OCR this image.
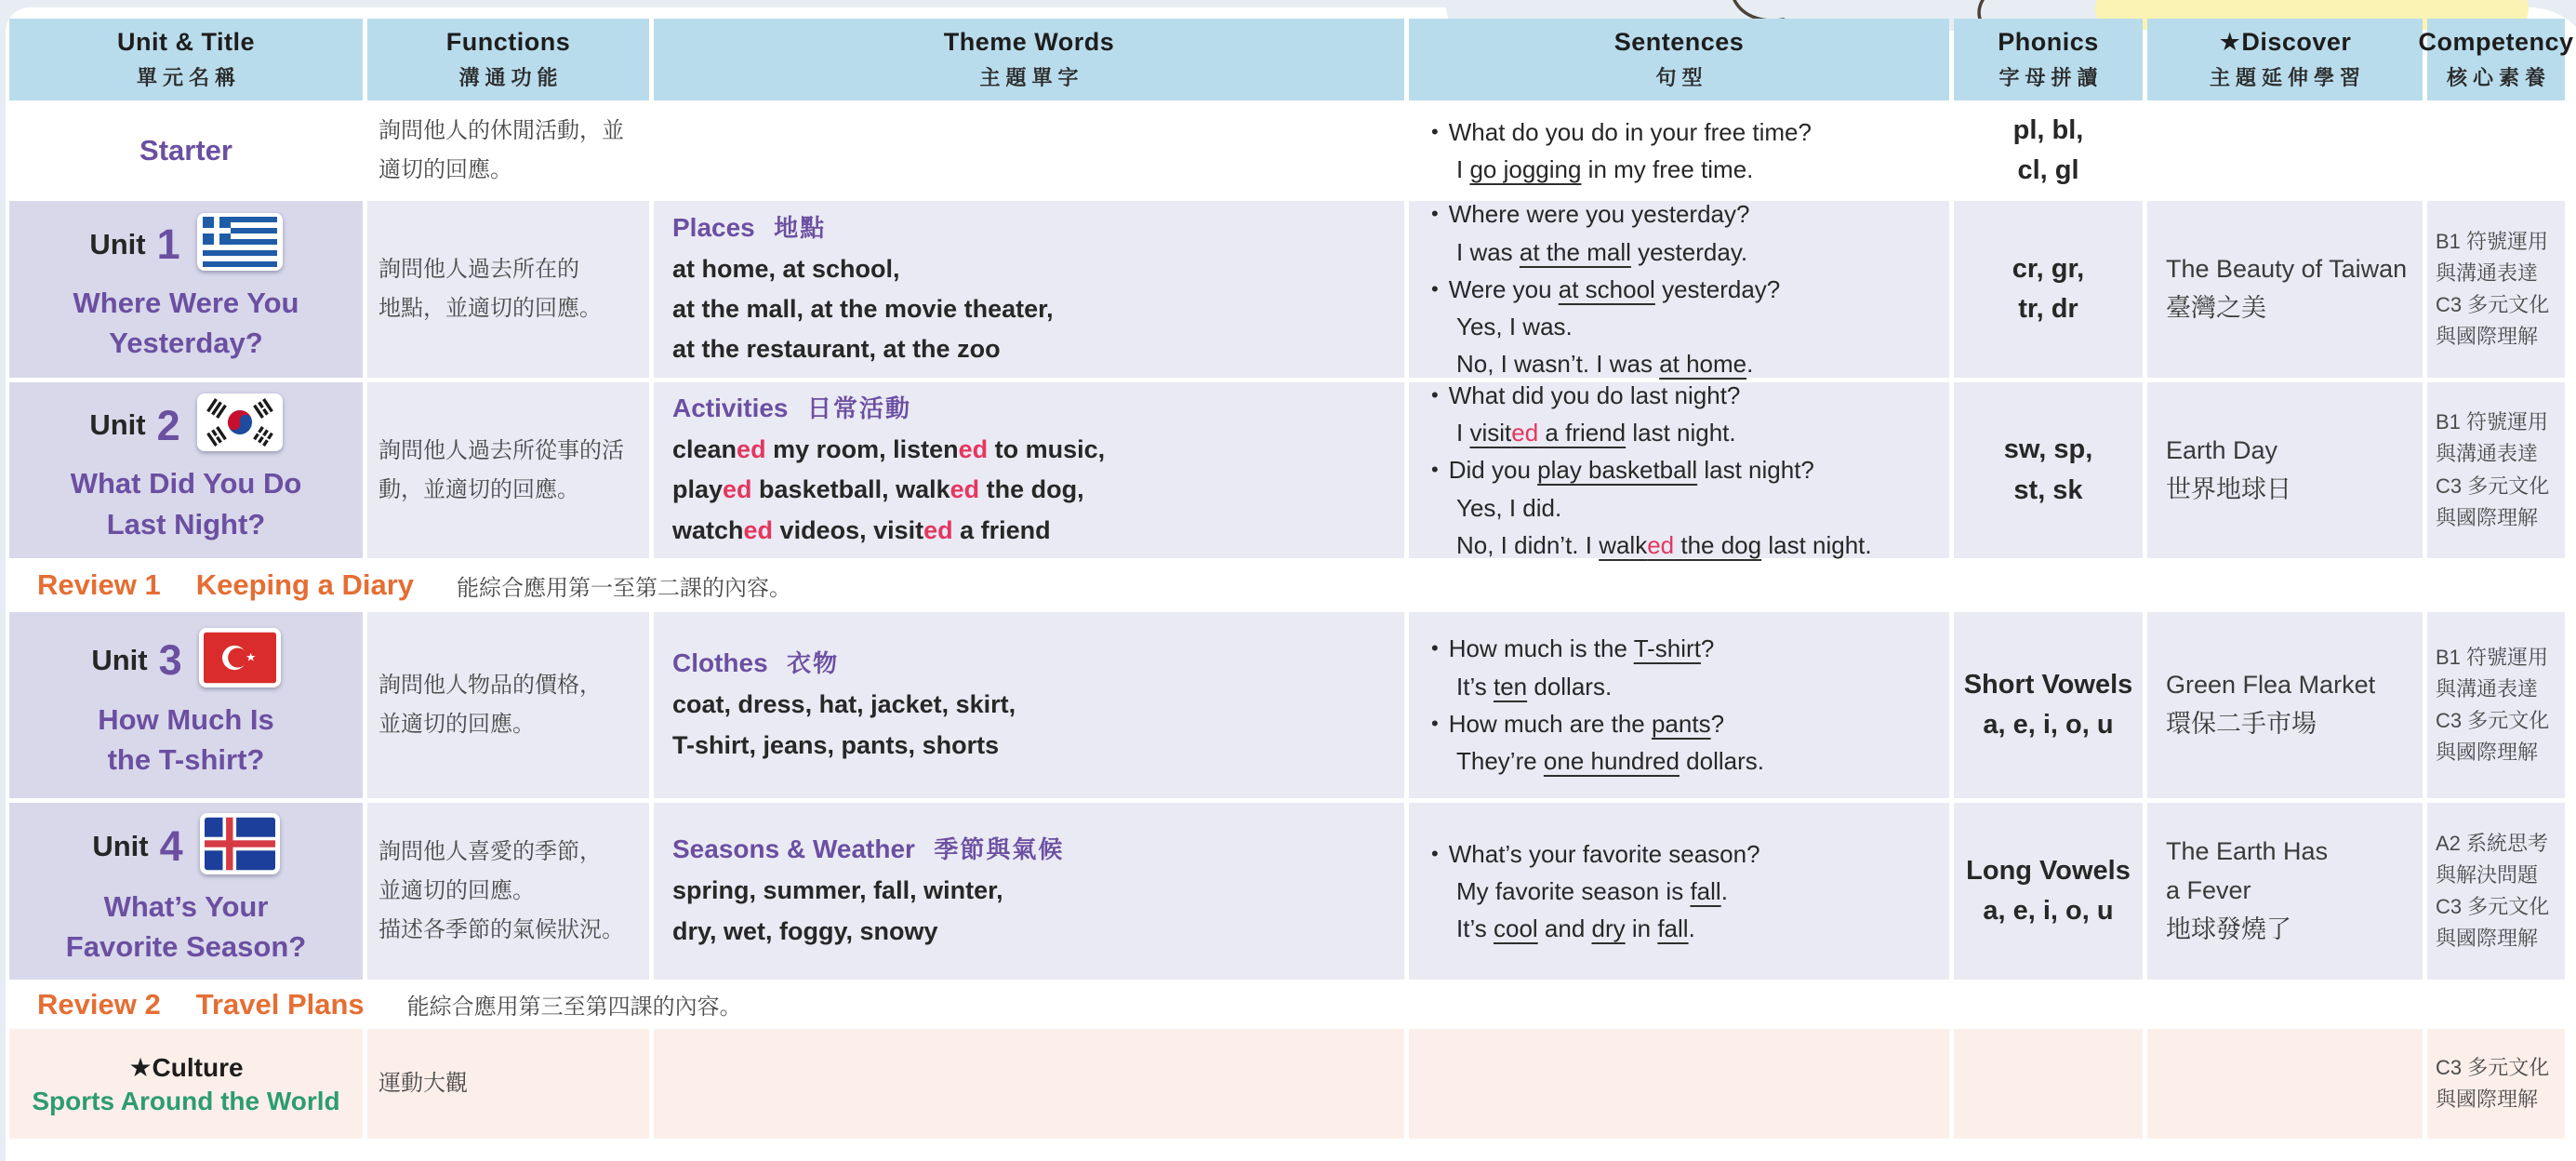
Unit & Title
單元名稱
Functions
溝通功能
Theme Words
主題單字
Sentences
句型
Phonics
字母拼讀
★Discover
主題延伸學習
Competency
核心素養
Starter
詢問他人的休閒活動，並
適切的回應。
• What do you do in your free time?
I go jogging in my free time.
pl, bl,
cl, gl
Unit 1
Where Were You
Yesterday?
詢問他人過去所在的
地點，並適切的回應。
Places 地點
at home, at school,
at the mall, at the movie theater,
at the restaurant, at the zoo
• Where were you yesterday?
I was at the mall yesterday.
• Were you at school yesterday?
Yes, I was.
No, I wasn’t. I was at home.
cr, gr,
tr, dr
The Beauty of Taiwan
臺灣之美
B1 符號運用
與溝通表達
C3 多元文化
與國際理解
Unit 2
What Did You Do
Last Night?
詢問他人過去所從事的活
動，並適切的回應。
Activities 日常活動
cleaned my room, listened to music,
played basketball, walked the dog,
watched videos, visited a friend
• What did you do last night?
I visited a friend last night.
• Did you play basketball last night?
Yes, I did.
No, I didn’t. I walked the dog last night.
sw, sp,
st, sk
Earth Day
世界地球日
B1 符號運用
與溝通表達
C3 多元文化
與國際理解
Review 1 Keeping a Diary 能綜合應用第一至第二課的內容。
Unit 3
How Much Is
the T-shirt?
詢問他人物品的價格，
並適切的回應。
Clothes 衣物
coat, dress, hat, jacket, skirt,
T-shirt, jeans, pants, shorts
• How much is the T-shirt?
It’s ten dollars.
• How much are the pants?
They’re one hundred dollars.
Short Vowels
a, e, i, o, u
Green Flea Market
環保二手市場
B1 符號運用
與溝通表達
C3 多元文化
與國際理解
Unit 4
What’s Your
Favorite Season?
詢問他人喜愛的季節，
並適切的回應。
描述各季節的氣候狀況。
Seasons & Weather 季節與氣候
spring, summer, fall, winter,
dry, wet, foggy, snowy
• What’s your favorite season?
My favorite season is fall.
It’s cool and dry in fall.
Long Vowels
a, e, i, o, u
The Earth Has
a Fever
地球發燒了
A2 系統思考
與解決問題
C3 多元文化
與國際理解
Review 2 Travel Plans 能綜合應用第三至第四課的內容。
★Culture
Sports Around the World
運動大觀
C3 多元文化
與國際理解
